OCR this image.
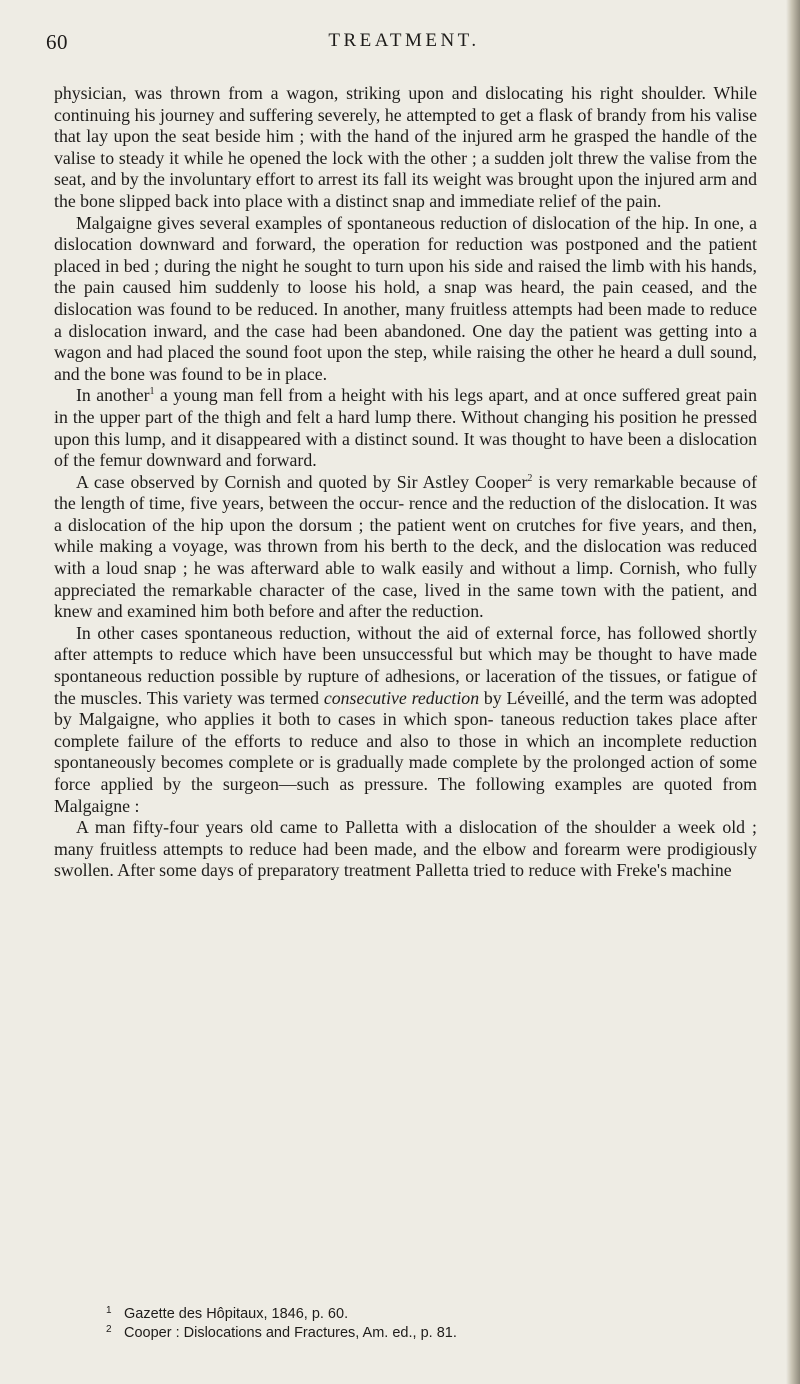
60	TREATMENT.

physician, was thrown from a wagon, striking upon and dislocating his right shoulder. While continuing his journey and suffering severely, he attempted to get a flask of brandy from his valise that lay upon the seat beside him ; with the hand of the injured arm he grasped the handle of the valise to steady it while he opened the lock with the other ; a sudden jolt threw the valise from the seat, and by the involuntary effort to arrest its fall its weight was brought upon the injured arm and the bone slipped back into place with a distinct snap and immediate relief of the pain.

Malgaigne gives several examples of spontaneous reduction of dislocation of the hip. In one, a dislocation downward and forward, the operation for reduction was postponed and the patient placed in bed ; during the night he sought to turn upon his side and raised the limb with his hands, the pain caused him suddenly to loose his hold, a snap was heard, the pain ceased, and the dislocation was found to be reduced. In another, many fruitless attempts had been made to reduce a dislocation inward, and the case had been abandoned. One day the patient was getting into a wagon and had placed the sound foot upon the step, while raising the other he heard a dull sound, and the bone was found to be in place.

In another$^1$ a young man fell from a height with his legs apart, and at once suffered great pain in the upper part of the thigh and felt a hard lump there. Without changing his position he pressed upon this lump, and it disappeared with a distinct sound. It was thought to have been a dislocation of the femur downward and forward.

A case observed by Cornish and quoted by Sir Astley Cooper$^2$ is very remarkable because of the length of time, five years, between the occur- rence and the reduction of the dislocation. It was a dislocation of the hip upon the dorsum ; the patient went on crutches for five years, and then, while making a voyage, was thrown from his berth to the deck, and the dislocation was reduced with a loud snap ; he was afterward able to walk easily and without a limp. Cornish, who fully appreciated the remarkable character of the case, lived in the same town with the patient, and knew and examined him both before and after the reduction.

In other cases spontaneous reduction, without the aid of external force, has followed shortly after attempts to reduce which have been unsuccessful but which may be thought to have made spontaneous reduction possible by rupture of adhesions, or laceration of the tissues, or fatigue of the muscles. This variety was termed consecutive reduction by Léveillé, and the term was adopted by Malgaigne, who applies it both to cases in which spon- taneous reduction takes place after complete failure of the efforts to reduce and also to those in which an incomplete reduction spontaneously becomes complete or is gradually made complete by the prolonged action of some force applied by the surgeon—such as pressure. The following examples are quoted from Malgaigne :

A man fifty-four years old came to Palletta with a dislocation of the shoulder a week old ; many fruitless attempts to reduce had been made, and the elbow and forearm were prodigiously swollen. After some days of preparatory treatment Palletta tried to reduce with Freke's machine

1 Gazette des Hôpitaux, 1846, p. 60.

2 Cooper : Dislocations and Fractures, Am. ed., p. 81.
